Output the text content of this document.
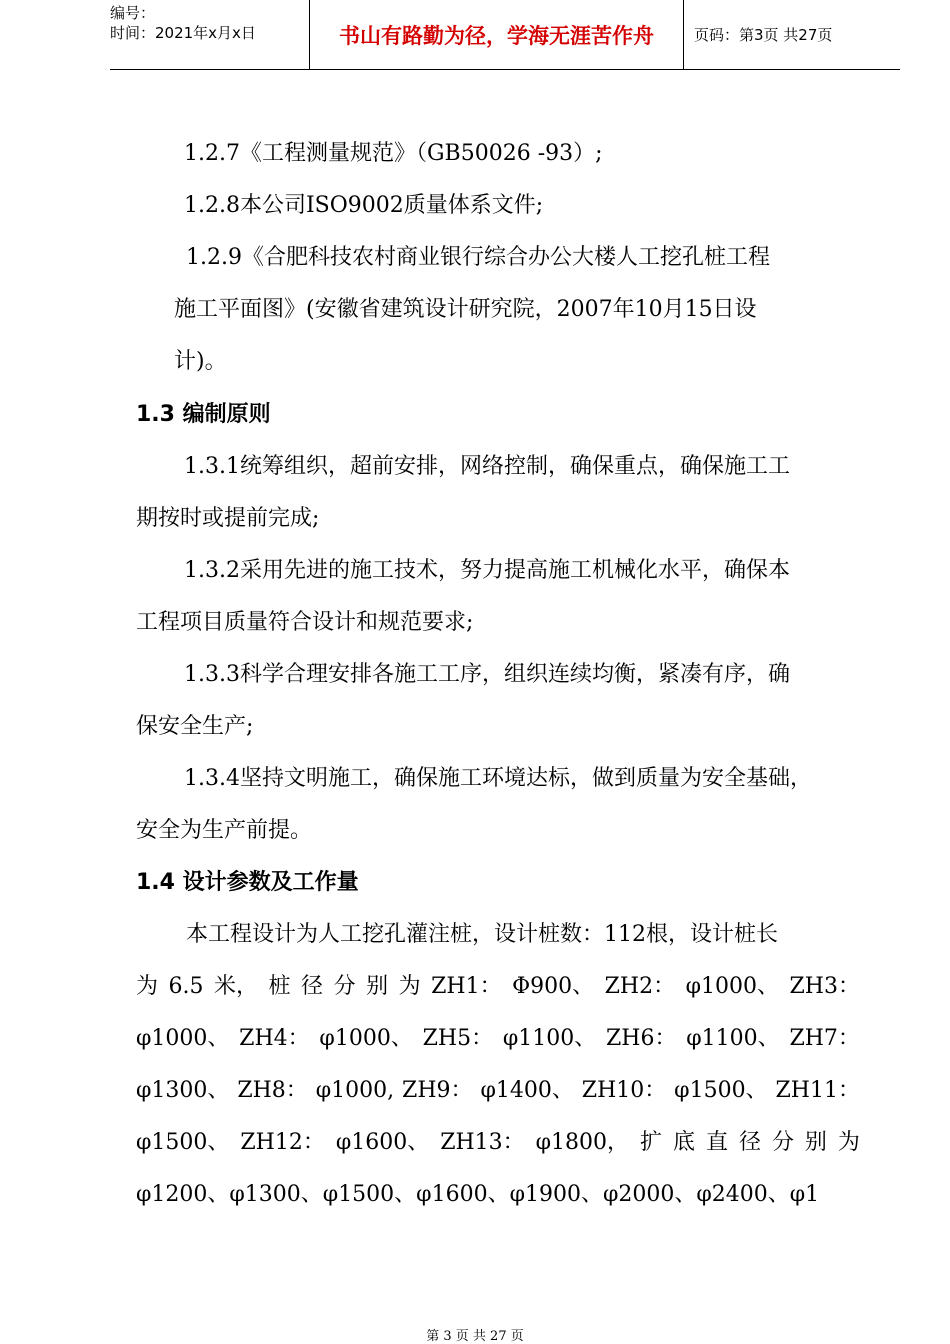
编号：
时间：2021年x月x日	书山有路勤为径，学海无涯苦作舟	页码：第3页 共27页
1.2.7《工程测量规范》（GB50026 -93）;
1.2.8本公司ISO9002质量体系文件;
1.2.9《合肥科技农村商业银行综合办公大楼人工挖孔桩工程
施工平面图》(安徽省建筑设计研究院，2007年10月15日设
计)。
1.3 编制原则
1.3.1统筹组织，超前安排，网络控制，确保重点，确保施工工
期按时或提前完成;
1.3.2采用先进的施工技术，努力提高施工机械化水平，确保本
工程项目质量符合设计和规范要求;
1.3.3科学合理安排各施工工序，组织连续均衡，紧凑有序，确
保安全生产;
1.3.4坚持文明施工，确保施工环境达标，做到质量为安全基础，
安全为生产前提。
1.4 设计参数及工作量
本工程设计为人工挖孔灌注桩，设计桩数：112根，设计桩长
为 6.5 米， 桩 径 分 别 为 ZH1： Φ900、 ZH2： φ1000、 ZH3：
φ1000、 ZH4： φ1000、 ZH5： φ1100、 ZH6： φ1100、 ZH7：
φ1300、 ZH8： φ1000, ZH9： φ1400、 ZH10： φ1500、 ZH11：
φ1500、 ZH12： φ1600、 ZH13： φ1800， 扩 底 直 径 分 别 为
φ1200、φ1300、φ1500、φ1600、φ1900、φ2000、φ2400、φ1
第 3 页 共 27 页
